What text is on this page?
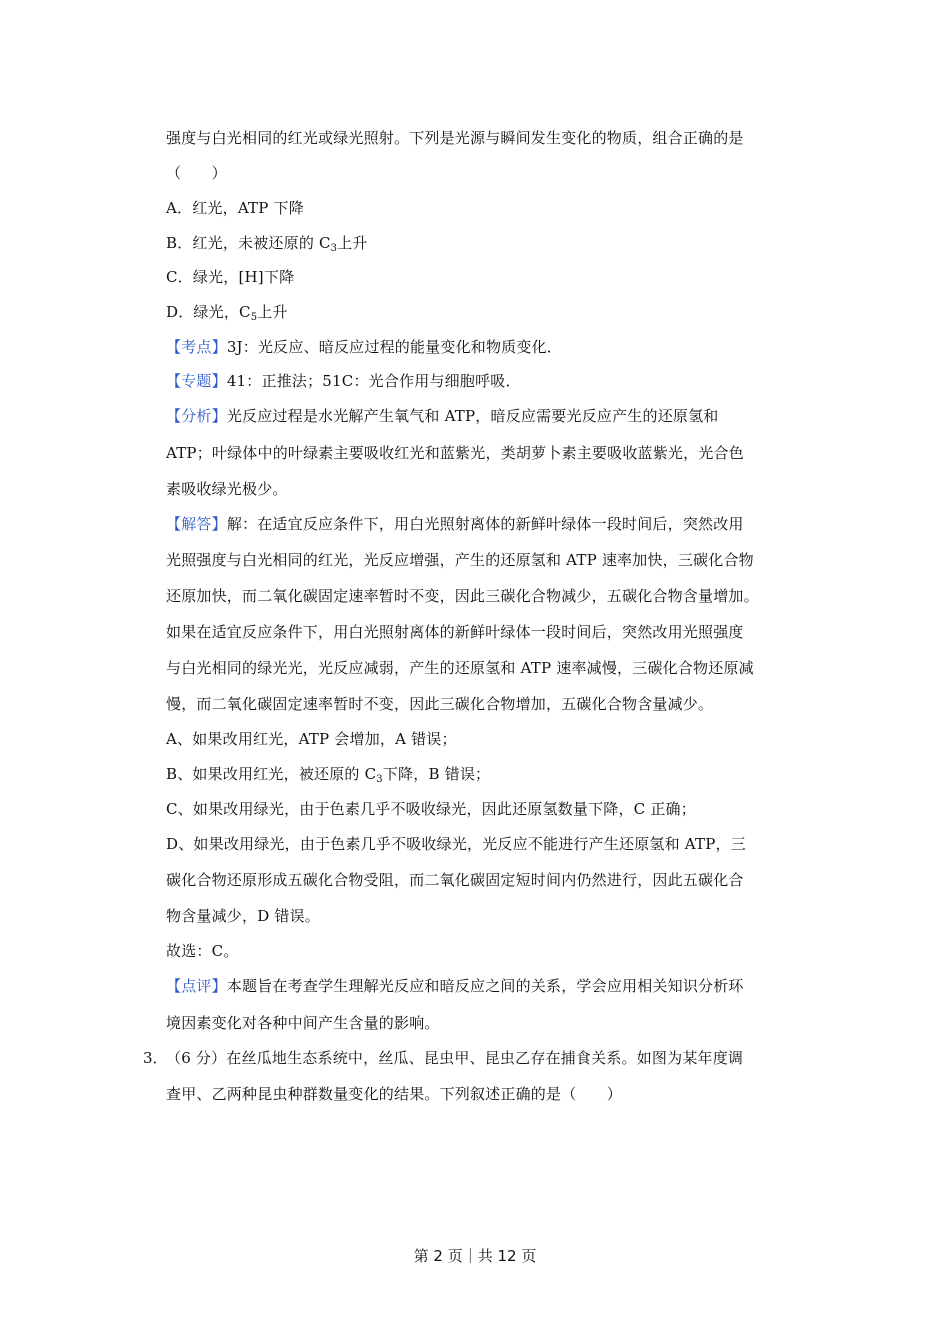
强度与白光相同的红光或绿光照射。下列是光源与瞬间发生变化的物质，组合正确的是
（　　）
A．红光，ATP 下降
B．红光，未被还原的 $C_3$上升
C．绿光，[H]下降
D．绿光，$C_5$上升
【考点】3J：光反应、暗反应过程的能量变化和物质变化．
【专题】41：正推法；51C：光合作用与细胞呼吸．
【分析】光反应过程是水光解产生氧气和 ATP，暗反应需要光反应产生的还原氢和
ATP；叶绿体中的叶绿素主要吸收红光和蓝紫光，类胡萝卜素主要吸收蓝紫光，光合色
素吸收绿光极少。
【解答】解：在适宜反应条件下，用白光照射离体的新鲜叶绿体一段时间后，突然改用
光照强度与白光相同的红光，光反应增强，产生的还原氢和 ATP 速率加快，三碳化合物
还原加快，而二氧化碳固定速率暂时不变，因此三碳化合物减少，五碳化合物含量增加。
如果在适宜反应条件下，用白光照射离体的新鲜叶绿体一段时间后，突然改用光照强度
与白光相同的绿光光，光反应减弱，产生的还原氢和 ATP 速率减慢，三碳化合物还原减
慢，而二氧化碳固定速率暂时不变，因此三碳化合物增加，五碳化合物含量减少。
A、如果改用红光，ATP 会增加，A 错误；
B、如果改用红光，被还原的 $C_3$下降，B 错误；
C、如果改用绿光，由于色素几乎不吸收绿光，因此还原氢数量下降，C 正确；
D、如果改用绿光，由于色素几乎不吸收绿光，光反应不能进行产生还原氢和 ATP，三
碳化合物还原形成五碳化合物受阻，而二氧化碳固定短时间内仍然进行，因此五碳化合
物含量减少，D 错误。
故选：C。
【点评】本题旨在考查学生理解光反应和暗反应之间的关系，学会应用相关知识分析环
境因素变化对各种中间产生含量的影响。
3．
（6 分）在丝瓜地生态系统中，丝瓜、昆虫甲、昆虫乙存在捕食关系。如图为某年度调
查甲、乙两种昆虫种群数量变化的结果。下列叙述正确的是（　　）
第 2 页｜共 12 页
